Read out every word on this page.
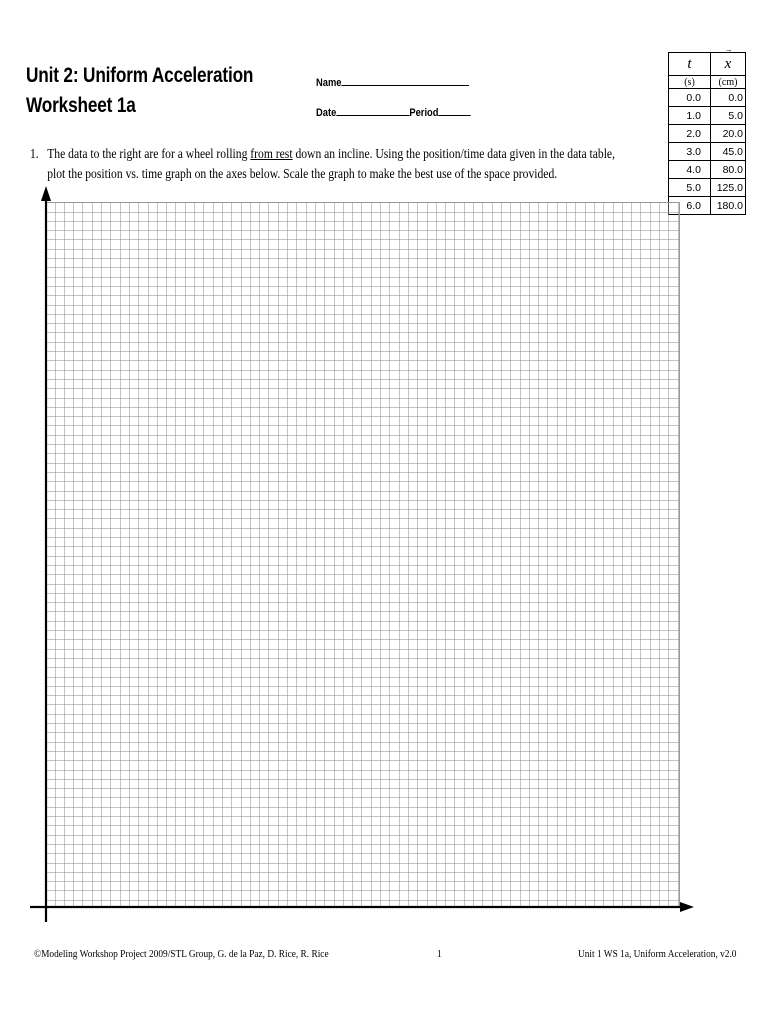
Unit 2: Uniform Acceleration
Worksheet 1a
Name
Date	Period
1. The data to the right are for a wheel rolling from rest down an incline. Using the position/time data given in the data table, plot the position vs. time graph on the axes below. Scale the graph to make the best use of the space provided.
t	→ x
(s)	(cm)
0.0	0.0
1.0	5.0
2.0	20.0
3.0	45.0
4.0	80.0
5.0	125.0
6.0	180.0
©Modeling Workshop Project 2009/STL Group, G. de la Paz, D. Rice, R. Rice	1	Unit 1 WS 1a, Uniform Acceleration, v2.0
